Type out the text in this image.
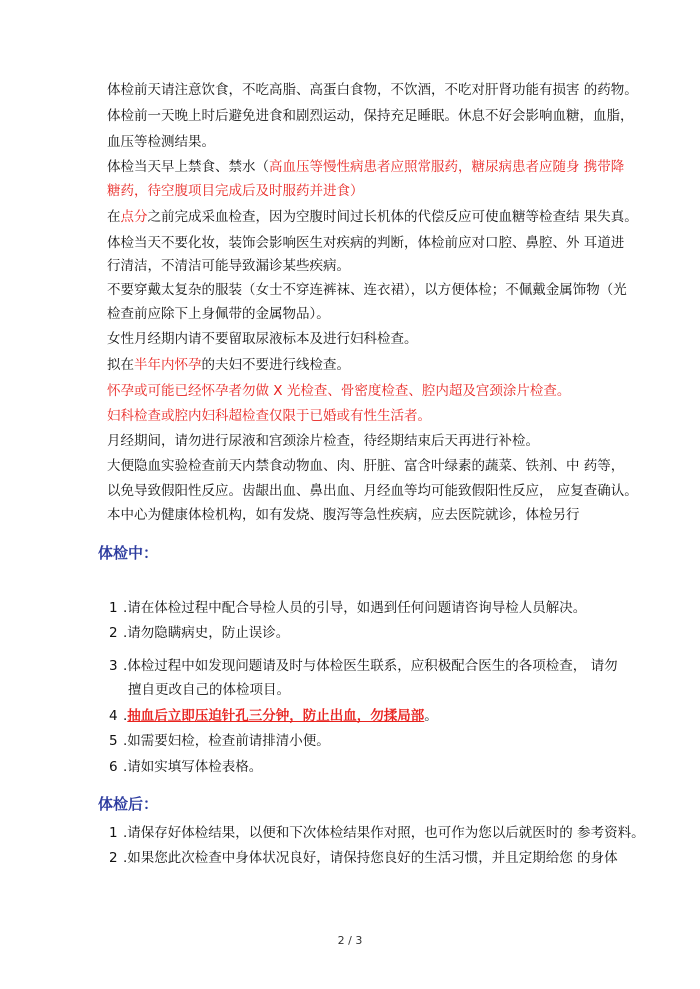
体检前天请注意饮食，不吃高脂、高蛋白食物，不饮酒，不吃对肝肾功能有损害 的药物。
体检前一天晚上时后避免进食和剧烈运动，保持充足睡眠。休息不好会影响血糖，血脂，
血压等检测结果。
体检当天早上禁食、禁水（高血压等慢性病患者应照常服药，糖尿病患者应随身 携带降
糖药，待空腹项目完成后及时服药并进食）
在点分之前完成采血检查，因为空腹时间过长机体的代偿反应可使血糖等检查结 果失真。
体检当天不要化妆，装饰会影响医生对疾病的判断，体检前应对口腔、鼻腔、外 耳道进
行清洁，不清洁可能导致漏诊某些疾病。
不要穿戴太复杂的服装（女士不穿连裤袜、连衣裙），以方便体检；不佩戴金属饰物（光
检查前应除下上身佩带的金属物品）。
女性月经期内请不要留取尿液标本及进行妇科检查。
拟在半年内怀孕的夫妇不要进行线检查。
怀孕或可能已经怀孕者勿做 X 光检查、骨密度检查、腔内超及宫颈涂片检查。
妇科检查或腔内妇科超检查仅限于已婚或有性生活者。
月经期间，请勿进行尿液和宫颈涂片检查，待经期结束后天再进行补检。
大便隐血实验检查前天内禁食动物血、肉、肝脏、富含叶绿素的蔬菜、铁剂、中 药等，
以免导致假阳性反应。齿龈出血、鼻出血、月经血等均可能致假阳性反应， 应复查确认。
本中心为健康体检机构，如有发烧、腹泻等急性疾病，应去医院就诊，体检另行
体检中：
1 .请在体检过程中配合导检人员的引导，如遇到任何问题请咨询导检人员解决。
2 .请勿隐瞒病史，防止误诊。
3 .体检过程中如发现问题请及时与体检医生联系，应积极配合医生的各项检查， 请勿
擅自更改自己的体检项目。
4 .抽血后立即压迫针孔三分钟，防止出血，勿揉局部。
5 .如需要妇检，检查前请排清小便。
6 .请如实填写体检表格。
体检后：
1 .请保存好体检结果，以便和下次体检结果作对照，也可作为您以后就医时的 参考资料。
2 .如果您此次检查中身体状况良好，请保持您良好的生活习惯，并且定期给您 的身体
2 / 3
